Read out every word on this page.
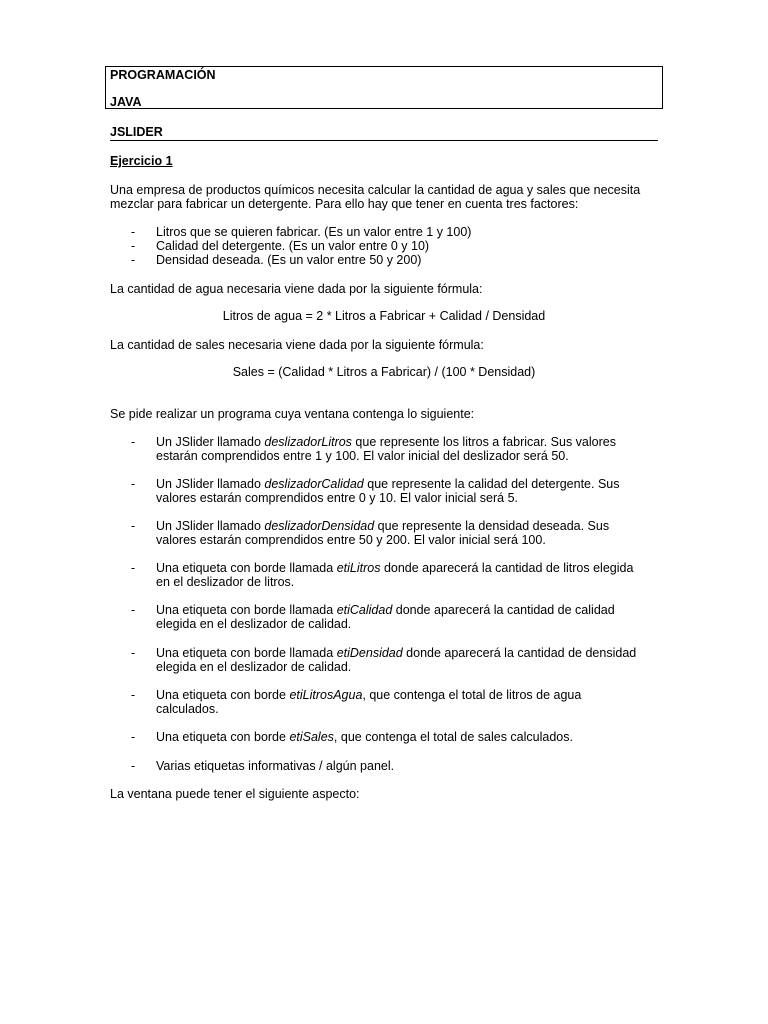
PROGRAMACIÓN
JAVA
JSLIDER
Ejercicio 1
Una empresa de productos químicos necesita calcular la cantidad de agua y sales que necesita
mezclar para fabricar un detergente. Para ello hay que tener en cuenta tres factores:
- Litros que se quieren fabricar. (Es un valor entre 1 y 100)
- Calidad del detergente. (Es un valor entre 0 y 10)
- Densidad deseada. (Es un valor entre 50 y 200)
La cantidad de agua necesaria viene dada por la siguiente fórmula:
Litros de agua = 2 * Litros a Fabricar + Calidad / Densidad
La cantidad de sales necesaria viene dada por la siguiente fórmula:
Sales = (Calidad * Litros a Fabricar) / (100 * Densidad)
Se pide realizar un programa cuya ventana contenga lo siguiente:
- Un JSlider llamado deslizadorLitros que represente los litros a fabricar. Sus valores
estarán comprendidos entre 1 y 100. El valor inicial del deslizador será 50.
- Un JSlider llamado deslizadorCalidad que represente la calidad del detergente. Sus
valores estarán comprendidos entre 0 y 10. El valor inicial será 5.
- Un JSlider llamado deslizadorDensidad que represente la densidad deseada. Sus
valores estarán comprendidos entre 50 y 200. El valor inicial será 100.
- Una etiqueta con borde llamada etiLitros donde aparecerá la cantidad de litros elegida
en el deslizador de litros.
- Una etiqueta con borde llamada etiCalidad donde aparecerá la cantidad de calidad
elegida en el deslizador de calidad.
- Una etiqueta con borde llamada etiDensidad donde aparecerá la cantidad de densidad
elegida en el deslizador de calidad.
- Una etiqueta con borde etiLitrosAgua, que contenga el total de litros de agua
calculados.
- Una etiqueta con borde etiSales, que contenga el total de sales calculados.
- Varias etiquetas informativas / algún panel.
La ventana puede tener el siguiente aspecto:
